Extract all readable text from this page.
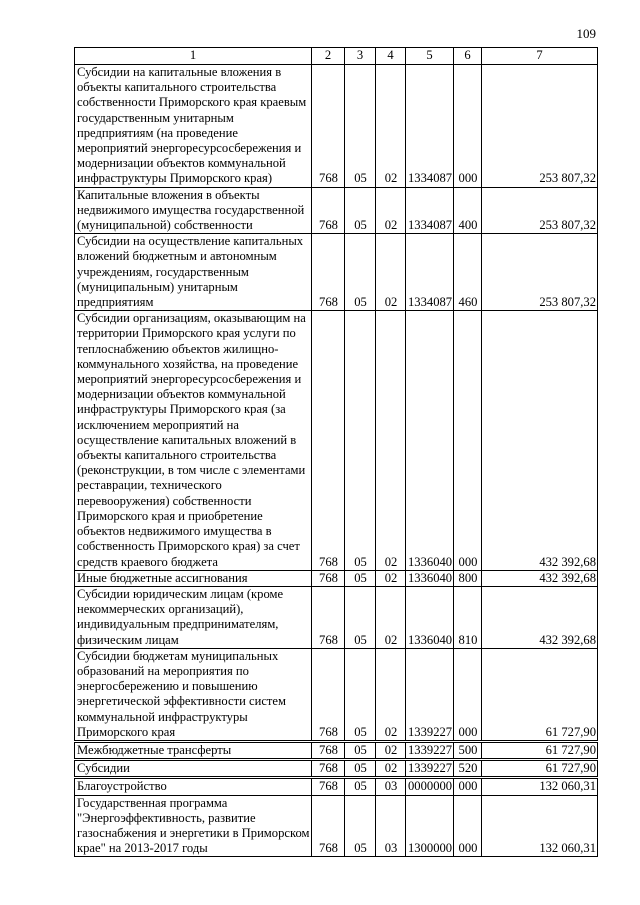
109
1	2	3	4	5	6	7
Субсидии на капитальные вложения в объекты капитального строительства собственности Приморского края краевым государственным унитарным предприятиям (на проведение мероприятий энергоресурсосбережения и модернизации объектов коммунальной инфраструктуры Приморского края)	768	05	02	1334087	000	253 807,32
Капитальные вложения в объекты недвижимого имущества государственной (муниципальной) собственности	768	05	02	1334087	400	253 807,32
Субсидии на осуществление капитальных вложений бюджетным и автономным учреждениям, государственным (муниципальным) унитарным предприятиям	768	05	02	1334087	460	253 807,32
Субсидии организациям, оказывающим на территории Приморского края услуги по теплоснабжению объектов жилищно-коммунального хозяйства, на проведение мероприятий энергоресурсосбережения и модернизации объектов коммунальной инфраструктуры Приморского края (за исключением мероприятий на осуществление капитальных вложений в объекты капитального строительства (реконструкции, в том числе с элементами реставрации, технического перевооружения) собственности Приморского края и приобретение объектов недвижимого имущества в собственность Приморского края) за счет средств краевого бюджета	768	05	02	1336040	000	432 392,68
Иные бюджетные ассигнования	768	05	02	1336040	800	432 392,68
Субсидии юридическим лицам (кроме некоммерческих организаций), индивидуальным предпринимателям, физическим лицам	768	05	02	1336040	810	432 392,68
Субсидии бюджетам муниципальных образований на мероприятия по энергосбережению и повышению энергетической эффективности систем коммунальной инфраструктуры Приморского края	768	05	02	1339227	000	61 727,90
Межбюджетные трансферты	768	05	02	1339227	500	61 727,90
Субсидии	768	05	02	1339227	520	61 727,90
Благоустройство	768	05	03	0000000	000	132 060,31
Государственная программа "Энергоэффективность, развитие газоснабжения и энергетики в Приморском крае" на 2013-2017 годы	768	05	03	1300000	000	132 060,31
